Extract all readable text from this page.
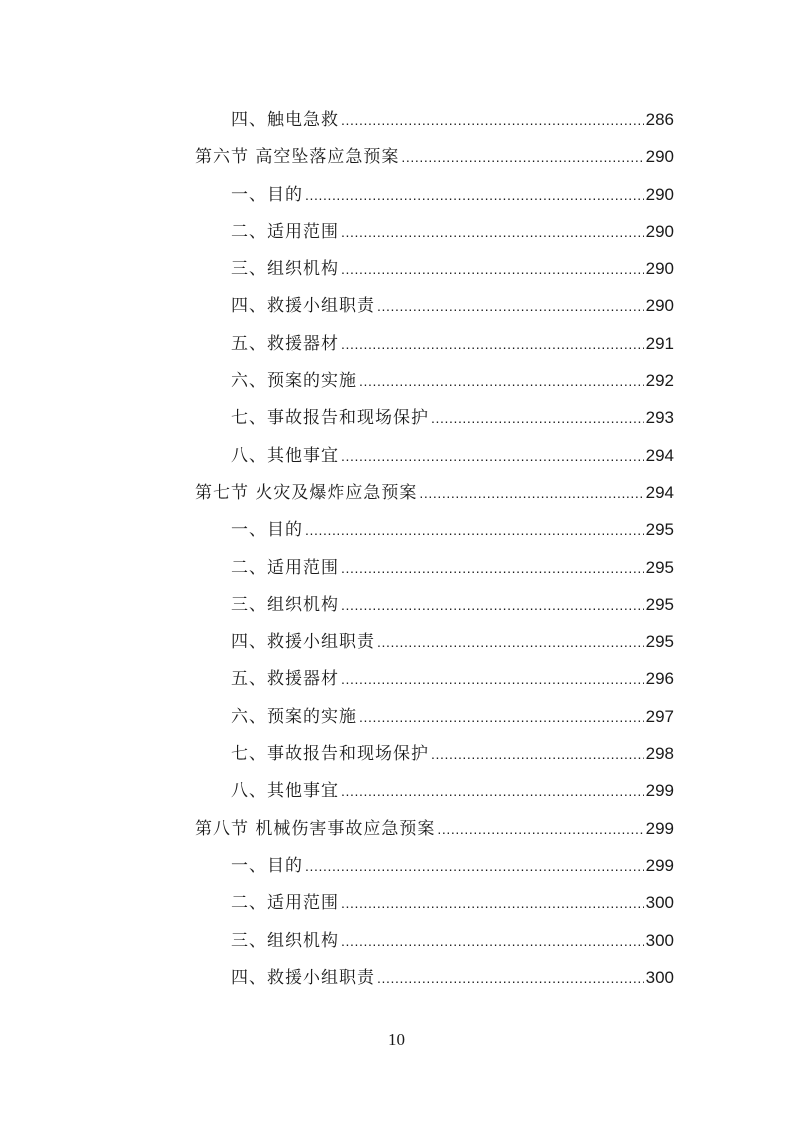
四、触电急救 .....	286
第六节 高空坠落应急预案 .....	290
一、目的 .....	290
二、适用范围 .....	290
三、组织机构 .....	290
四、救援小组职责 .....	290
五、救援器材 .....	291
六、预案的实施 .....	292
七、事故报告和现场保护 .....	293
八、其他事宜 .....	294
第七节 火灾及爆炸应急预案 .....	294
一、目的 .....	295
二、适用范围 .....	295
三、组织机构 .....	295
四、救援小组职责 .....	295
五、救援器材 .....	296
六、预案的实施 .....	297
七、事故报告和现场保护 .....	298
八、其他事宜 .....	299
第八节 机械伤害事故应急预案 .....	299
一、目的 .....	299
二、适用范围 .....	300
三、组织机构 .....	300
四、救援小组职责 .....	300
10
